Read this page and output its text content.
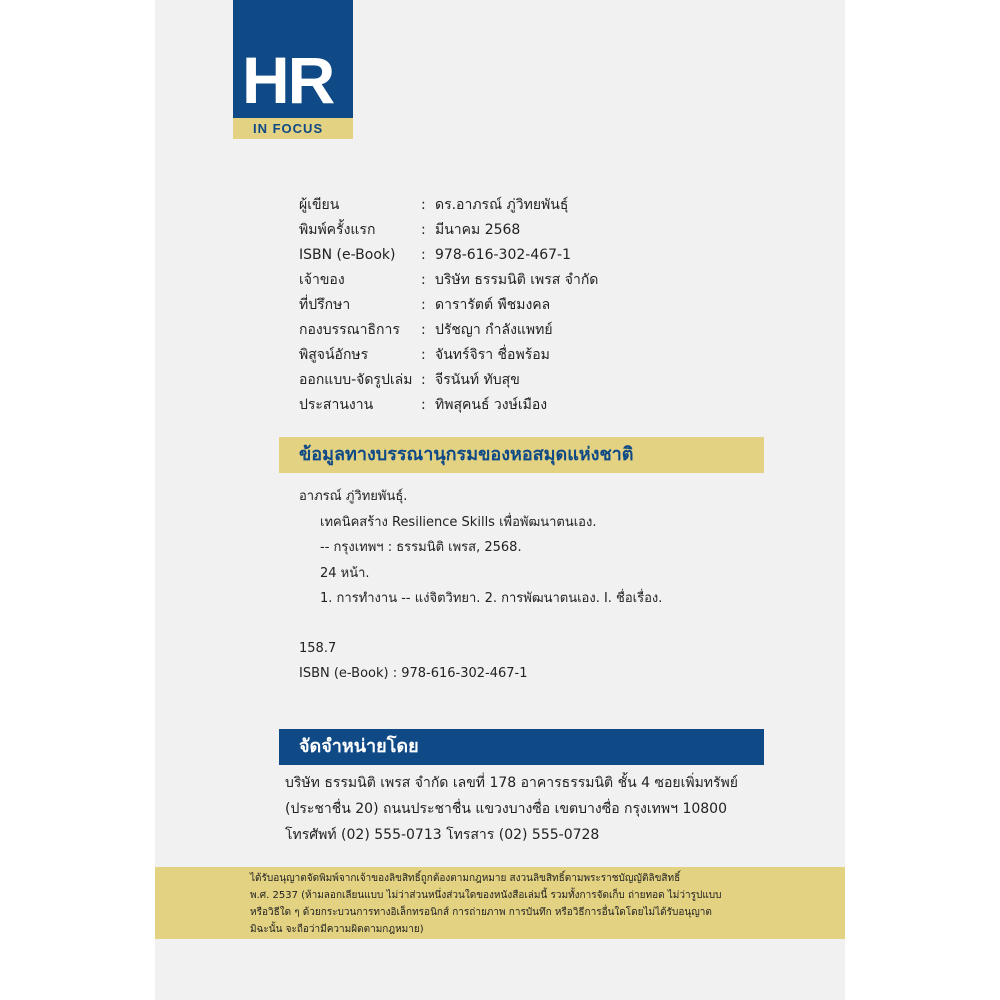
HR
IN FOCUS
ผู้เขียน	: ดร.อาภรณ์ ภู่วิทยพันธุ์
พิมพ์ครั้งแรก	: มีนาคม 2568
ISBN (e-Book)	: 978-616-302-467-1
เจ้าของ	: บริษัท ธรรมนิติ เพรส จำกัด
ที่ปรึกษา	: ดารารัตต์ พืชมงคล
กองบรรณาธิการ	: ปรัชญา กำลังแพทย์
พิสูจน์อักษร	: จันทร์จิรา ชื่อพร้อม
ออกแบบ-จัดรูปเล่ม : จีรนันท์ ทับสุข
ประสานงาน	: ทิพสุคนธ์ วงษ์เมือง
ข้อมูลทางบรรณานุกรมของหอสมุดแห่งชาติ
อาภรณ์ ภู่วิทยพันธุ์.
เทคนิคสร้าง Resilience Skills เพื่อพัฒนาตนเอง.
-- กรุงเทพฯ : ธรรมนิติ เพรส, 2568.
24 หน้า.
1. การทำงาน -- แง่จิตวิทยา. 2. การพัฒนาตนเอง. I. ชื่อเรื่อง.
158.7
ISBN (e-Book) : 978-616-302-467-1
จัดจำหน่ายโดย
บริษัท ธรรมนิติ เพรส จำกัด เลขที่ 178 อาคารธรรมนิติ ชั้น 4 ซอยเพิ่มทรัพย์
(ประชาชื่น 20) ถนนประชาชื่น แขวงบางซื่อ เขตบางซื่อ กรุงเทพฯ 10800
โทรศัพท์ (02) 555-0713 โทรสาร (02) 555-0728
ได้รับอนุญาตจัดพิมพ์จากเจ้าของลิขสิทธิ์ถูกต้องตามกฎหมาย สงวนลิขสิทธิ์ตามพระราชบัญญัติลิขสิทธิ์
พ.ศ. 2537 (ห้ามลอกเลียนแบบ ไม่ว่าส่วนหนึ่งส่วนใดของหนังสือเล่มนี้ รวมทั้งการจัดเก็บ ถ่ายทอด ไม่ว่ารูปแบบ
หรือวิธีใด ๆ ด้วยกระบวนการทางอิเล็กทรอนิกส์ การถ่ายภาพ การบันทึก หรือวิธีการอื่นใดโดยไม่ได้รับอนุญาต
มิฉะนั้น จะถือว่ามีความผิดตามกฎหมาย)
